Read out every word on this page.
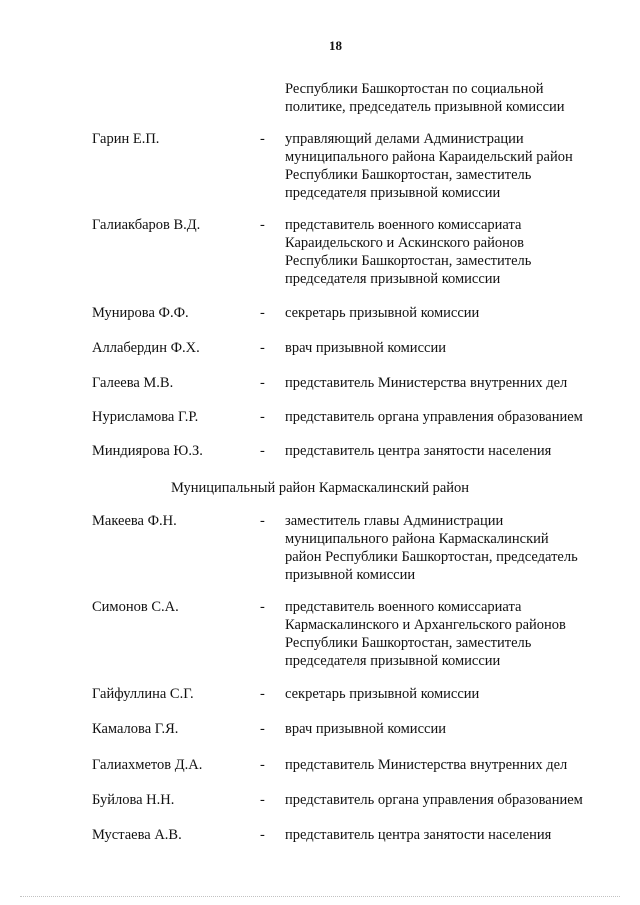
18
Республики Башкортостан по социальной
политике, председатель призывной комиссии
Гарин Е.П.	- управляющий делами Администрации
муниципального района Караидельский район
Республики Башкортостан, заместитель
председателя призывной комиссии
Галиакбаров В.Д.	- представитель военного комиссариата
Караидельского и Аскинского районов
Республики Башкортостан, заместитель
председателя призывной комиссии
Мунирова Ф.Ф.	- секретарь призывной комиссии
Аллабердин Ф.Х.	- врач призывной комиссии
Галеева М.В.	- представитель Министерства внутренних дел
Нурисламова Г.Р.	- представитель органа управления образованием
Миндиярова Ю.З.	- представитель центра занятости населения
Муниципальный район Кармаскалинский район
Макеева Ф.Н.	- заместитель главы Администрации
муниципального района Кармаскалинский
район Республики Башкортостан, председатель
призывной комиссии
Симонов С.А.	- представитель военного комиссариата
Кармаскалинского и Архангельского районов
Республики Башкортостан, заместитель
председателя призывной комиссии
Гайфуллина С.Г.	- секретарь призывной комиссии
Камалова Г.Я.	- врач призывной комиссии
Галиахметов Д.А.	- представитель Министерства внутренних дел
Буйлова Н.Н.	- представитель органа управления образованием
Мустаева А.В.	- представитель центра занятости населения
